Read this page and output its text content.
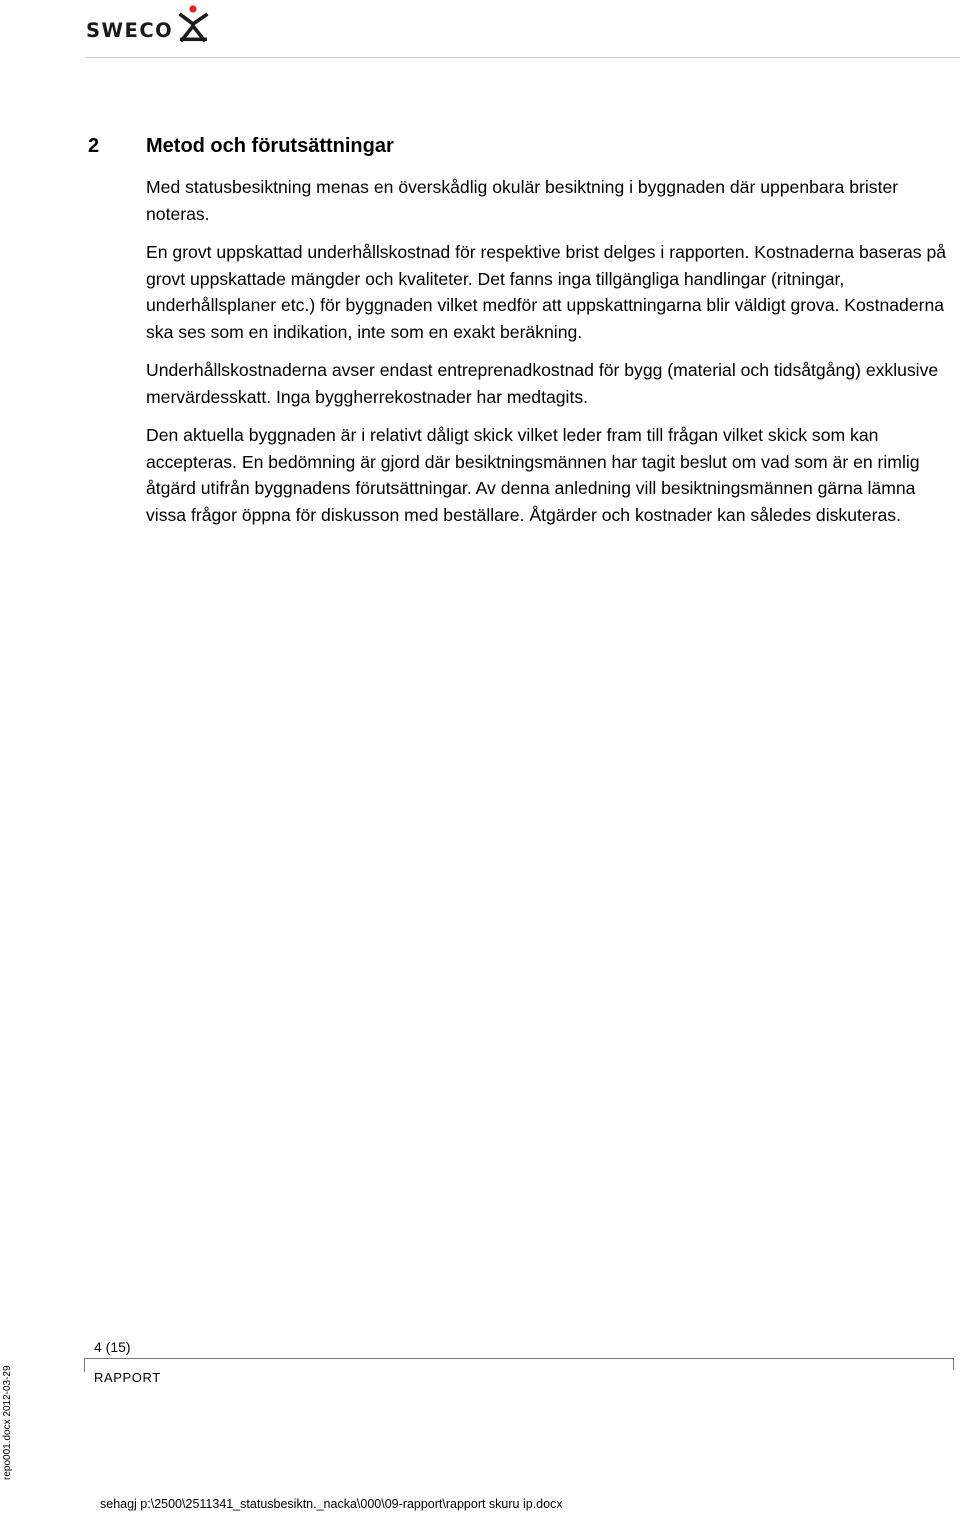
SWECO
2 Metod och förutsättningar

Med statusbesiktning menas en överskådlig okulär besiktning i byggnaden där uppenbara brister noteras.

En grovt uppskattad underhållskostnad för respektive brist delges i rapporten. Kostnaderna baseras på grovt uppskattade mängder och kvaliteter. Det fanns inga tillgängliga handlingar (ritningar, underhållsplaner etc.) för byggnaden vilket medför att uppskattningarna blir väldigt grova. Kostnaderna ska ses som en indikation, inte som en exakt beräkning.

Underhållskostnaderna avser endast entreprenadkostnad för bygg (material och tidsåtgång) exklusive mervärdesskatt. Inga byggherrekostnader har medtagits.

Den aktuella byggnaden är i relativt dåligt skick vilket leder fram till frågan vilket skick som kan accepteras. En bedömning är gjord där besiktningsmännen har tagit beslut om vad som är en rimlig åtgärd utifrån byggnadens förutsättningar. Av denna anledning vill besiktningsmännen gärna lämna vissa frågor öppna för diskusson med beställare. Åtgärder och kostnader kan således diskuteras.

4 (15)
RAPPORT
repo001.docx 2012-03-29
sehagj p:\2500\2511341_statusbesiktn._nacka\000\09-rapport\rapport skuru ip.docx
